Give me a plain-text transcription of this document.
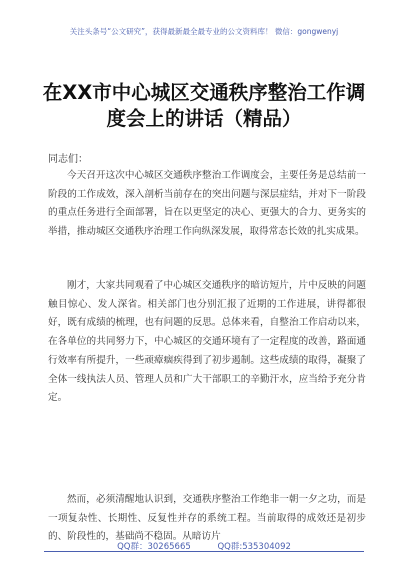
关注头条号“公文研究”，获得最新最全最专业的公文资料库！ 微信：gongwenyj
在XX市中心城区交通秩序整治工作调度会上的讲话（精品）
同志们：
今天召开这次中心城区交通秩序整治工作调度会，主要任务是总结前一阶段的工作成效，深入剖析当前存在的突出问题与深层症结，并对下一阶段的重点任务进行全面部署，旨在以更坚定的决心、更强大的合力、更务实的举措，推动城区交通秩序治理工作向纵深发展，取得常态长效的扎实成果。
刚才，大家共同观看了中心城区交通秩序的暗访短片，片中反映的问题触目惊心、发人深省。相关部门也分别汇报了近期的工作进展，讲得都很好，既有成绩的梳理，也有问题的反思。总体来看，自整治工作启动以来，在各单位的共同努力下，中心城区的交通环境有了一定程度的改善，路面通行效率有所提升，一些顽瘴痼疾得到了初步遏制。这些成绩的取得，凝聚了全体一线执法人员、管理人员和广大干部职工的辛勤汗水，应当给予充分肯定。
然而，必须清醒地认识到，交通秩序整治工作绝非一朝一夕之功，而是一项复杂性、长期性、反复性并存的系统工程。当前取得的成效还是初步的、阶段性的，基础尚不稳固。从暗访片
QQ群：30265665	QQ群:535304092
